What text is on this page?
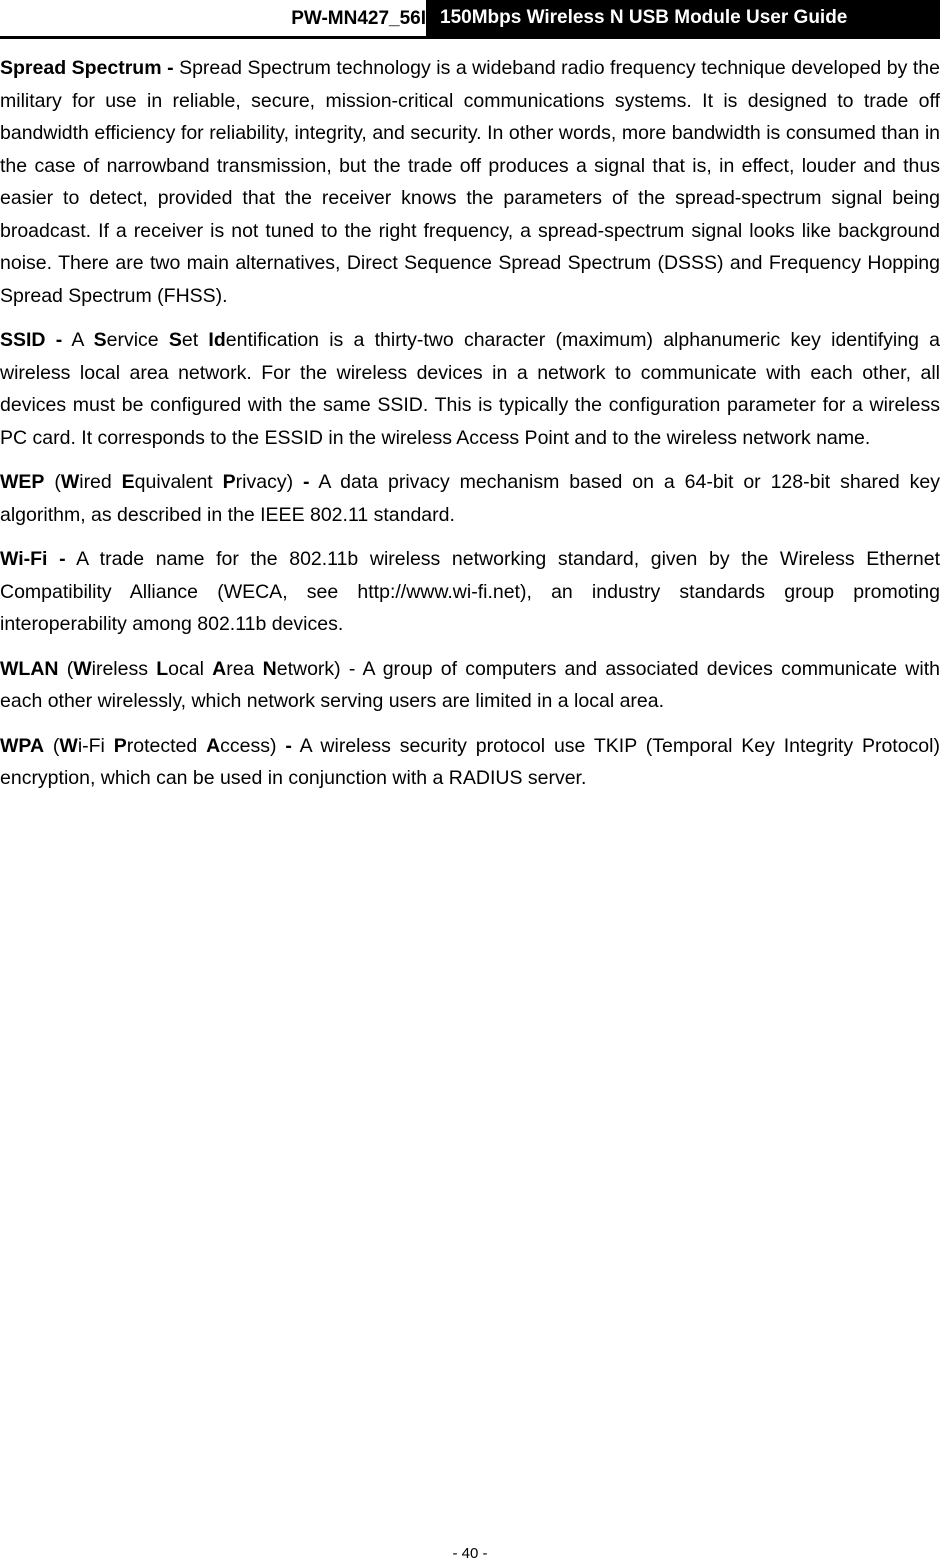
PW-MN427_56I 150Mbps Wireless N USB Module User Guide

Spread Spectrum - Spread Spectrum technology is a wideband radio frequency technique developed by the military for use in reliable, secure, mission-critical communications systems. It is designed to trade off bandwidth efficiency for reliability, integrity, and security. In other words, more bandwidth is consumed than in the case of narrowband transmission, but the trade off produces a signal that is, in effect, louder and thus easier to detect, provided that the receiver knows the parameters of the spread-spectrum signal being broadcast. If a receiver is not tuned to the right frequency, a spread-spectrum signal looks like background noise. There are two main alternatives, Direct Sequence Spread Spectrum (DSSS) and Frequency Hopping Spread Spectrum (FHSS).

SSID - A Service Set Identification is a thirty-two character (maximum) alphanumeric key identifying a wireless local area network. For the wireless devices in a network to communicate with each other, all devices must be configured with the same SSID. This is typically the configuration parameter for a wireless PC card. It corresponds to the ESSID in the wireless Access Point and to the wireless network name.

WEP (Wired Equivalent Privacy) - A data privacy mechanism based on a 64-bit or 128-bit shared key algorithm, as described in the IEEE 802.11 standard.

Wi-Fi - A trade name for the 802.11b wireless networking standard, given by the Wireless Ethernet Compatibility Alliance (WECA, see http://www.wi-fi.net), an industry standards group promoting interoperability among 802.11b devices.

WLAN (Wireless Local Area Network) - A group of computers and associated devices communicate with each other wirelessly, which network serving users are limited in a local area.

WPA (Wi-Fi Protected Access) - A wireless security protocol use TKIP (Temporal Key Integrity Protocol) encryption, which can be used in conjunction with a RADIUS server.

- 40 -
